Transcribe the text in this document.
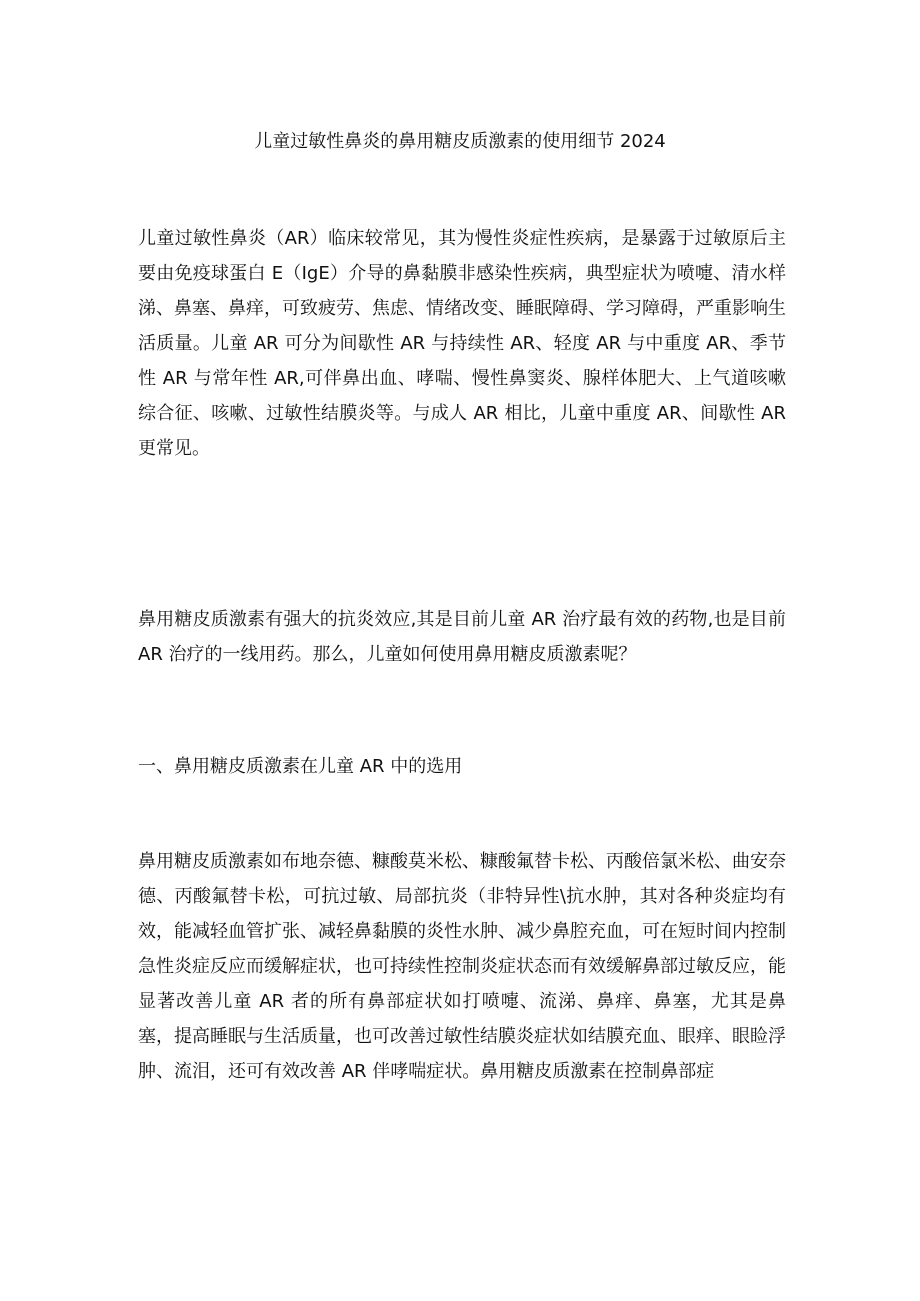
儿童过敏性鼻炎的鼻用糖皮质激素的使用细节 2024

儿童过敏性鼻炎（AR）临床较常见，其为慢性炎症性疾病，是暴露于过敏原后主要由免疫球蛋白 E（IgE）介导的鼻黏膜非感染性疾病，典型症状为喷嚏、清水样涕、鼻塞、鼻痒，可致疲劳、焦虑、情绪改变、睡眠障碍、学习障碍，严重影响生活质量。儿童 AR 可分为间歇性 AR 与持续性 AR、轻度 AR 与中重度 AR、季节性 AR 与常年性 AR,可伴鼻出血、哮喘、慢性鼻窦炎、腺样体肥大、上气道咳嗽综合征、咳嗽、过敏性结膜炎等。与成人 AR 相比，儿童中重度 AR、间歇性 AR 更常见。

鼻用糖皮质激素有强大的抗炎效应,其是目前儿童 AR 治疗最有效的药物,也是目前 AR 治疗的一线用药。那么，儿童如何使用鼻用糖皮质激素呢？

一、鼻用糖皮质激素在儿童 AR 中的选用

鼻用糖皮质激素如布地奈德、糠酸莫米松、糠酸氟替卡松、丙酸倍氯米松、曲安奈德、丙酸氟替卡松，可抗过敏、局部抗炎（非特异性\抗水肿，其对各种炎症均有效，能减轻血管扩张、减轻鼻黏膜的炎性水肿、减少鼻腔充血，可在短时间内控制急性炎症反应而缓解症状，也可持续性控制炎症状态而有效缓解鼻部过敏反应，能显著改善儿童 AR 者的所有鼻部症状如打喷嚏、流涕、鼻痒、鼻塞，尤其是鼻塞，提高睡眠与生活质量，也可改善过敏性结膜炎症状如结膜充血、眼痒、眼睑浮肿、流泪，还可有效改善 AR 伴哮喘症状。鼻用糖皮质激素在控制鼻部症
